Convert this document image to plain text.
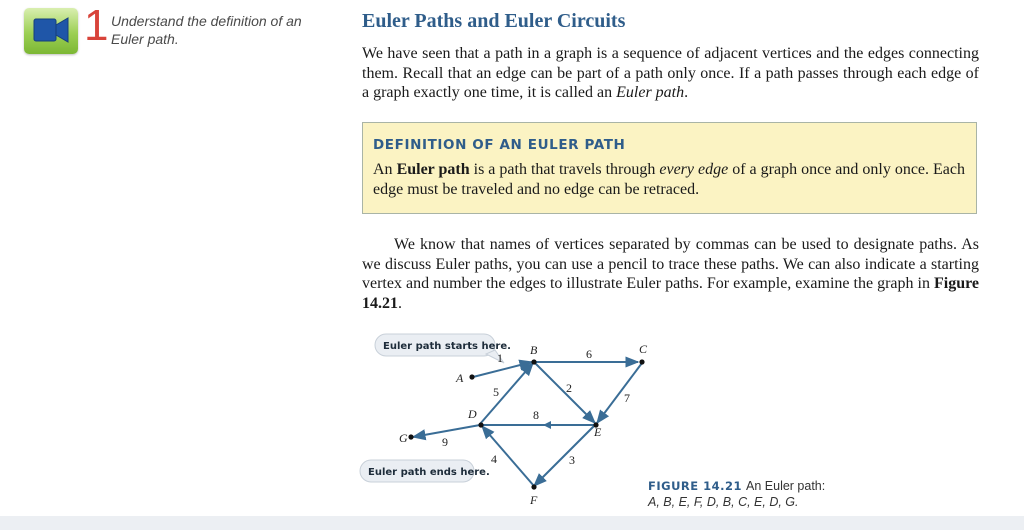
1 Understand the definition of an Euler path.
Euler Paths and Euler Circuits

We have seen that a path in a graph is a sequence of adjacent vertices and the edges connecting them. Recall that an edge can be part of a path only once. If a path passes through each edge of a graph exactly one time, it is called an Euler path.

DEFINITION OF AN EULER PATH

An Euler path is a path that travels through every edge of a graph once and only once. Each edge must be traveled and no edge can be retraced.

We know that names of vertices separated by commas can be used to designate paths. As we discuss Euler paths, you can use a pencil to trace these paths. We can also indicate a starting vertex and number the edges to illustrate Euler paths. For example, examine the graph in Figure 14.21.

Euler path starts here.
Euler path ends here.
A
B	C
D
E
F
G
1
2
3
4
5
6
7
8
9
FIGURE 14.21 An Euler path:
A, B, E, F, D, B, C, E, D, G.
